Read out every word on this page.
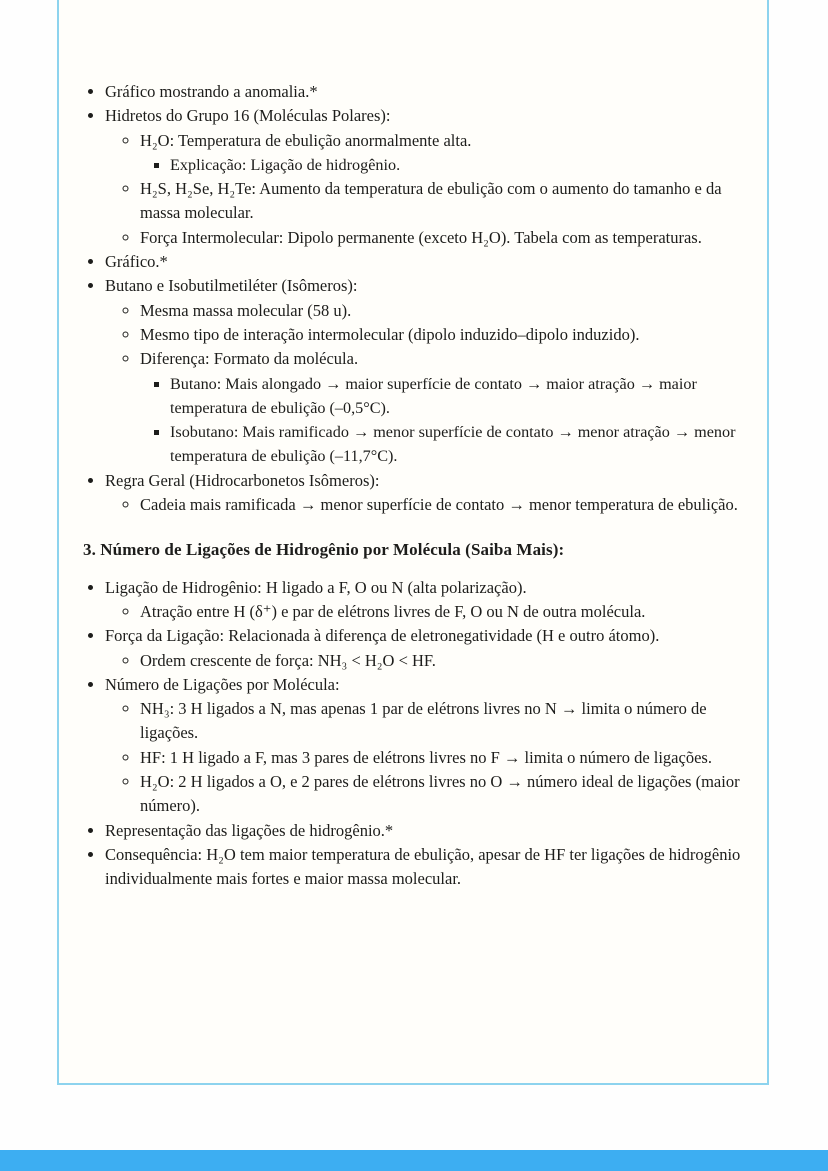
• Gráfico mostrando a anomalia.*
• Hidretos do Grupo 16 (Moléculas Polares):
◦ H₂O: Temperatura de ebulição anormalmente alta.
▪ Explicação: Ligação de hidrogênio.
◦ H₂S, H₂Se, H₂Te: Aumento da temperatura de ebulição com o aumento do tamanho e da massa molecular.
◦ Força Intermolecular: Dipolo permanente (exceto H₂O). Tabela com as temperaturas.
• Gráfico.*
• Butano e Isobutilmetiléter (Isômeros):
◦ Mesma massa molecular (58 u).
◦ Mesmo tipo de interação intermolecular (dipolo induzido–dipolo induzido).
◦ Diferença: Formato da molécula.
▪ Butano: Mais alongado → maior superfície de contato → maior atração → maior temperatura de ebulição (–0,5°C).
▪ Isobutano: Mais ramificado → menor superfície de contato → menor atração → menor temperatura de ebulição (–11,7°C).
• Regra Geral (Hidrocarbonetos Isômeros):
◦ Cadeia mais ramificada → menor superfície de contato → menor temperatura de ebulição.
3. Número de Ligações de Hidrogênio por Molécula (Saiba Mais):
• Ligação de Hidrogênio: H ligado a F, O ou N (alta polarização).
◦ Atração entre H (δ⁺) e par de elétrons livres de F, O ou N de outra molécula.
• Força da Ligação: Relacionada à diferença de eletronegatividade (H e outro átomo).
◦ Ordem crescente de força: NH₃ < H₂O < HF.
• Número de Ligações por Molécula:
◦ NH₃: 3 H ligados a N, mas apenas 1 par de elétrons livres no N → limita o número de ligações.
◦ HF: 1 H ligado a F, mas 3 pares de elétrons livres no F → limita o número de ligações.
◦ H₂O: 2 H ligados a O, e 2 pares de elétrons livres no O → número ideal de ligações (maior número).
• Representação das ligações de hidrogênio.*
• Consequência: H₂O tem maior temperatura de ebulição, apesar de HF ter ligações de hidrogênio individualmente mais fortes e maior massa molecular.
